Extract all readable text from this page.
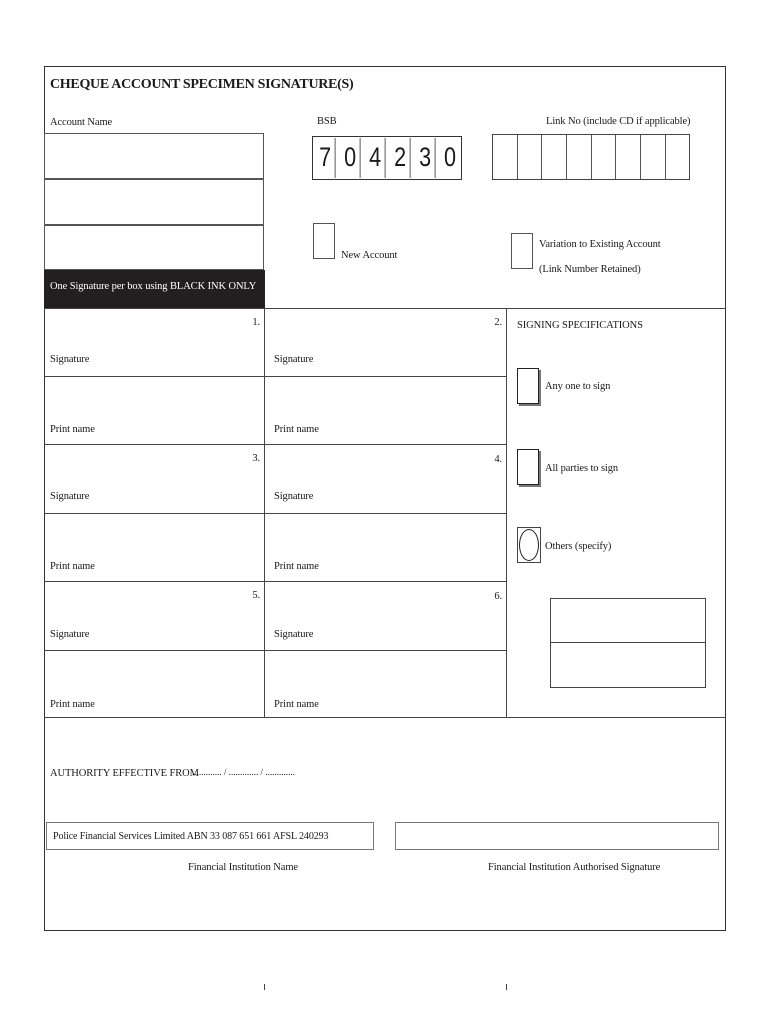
CHEQUE ACCOUNT SPECIMEN SIGNATURE(S)
Account Name
One Signature per box using BLACK INK ONLY
BSB
7 0 4 2 3 0
Link No (include CD if applicable)
New Account
Variation to Existing Account
(Link Number Retained)
1.
Signature
Print name
2.
Signature
Print name
3.
Signature
Print name
4.
Signature
Print name
5.
Signature
Print name
6.
Signature
Print name
SIGNING SPECIFICATIONS
Any one to sign
All parties to sign
Others (specify)
AUTHORITY EFFECTIVE FROM
............. / ............. / .............
Police Financial Services Limited ABN 33 087 651 661 AFSL 240293
Financial Institution Name	Financial Institution Authorised Signature
